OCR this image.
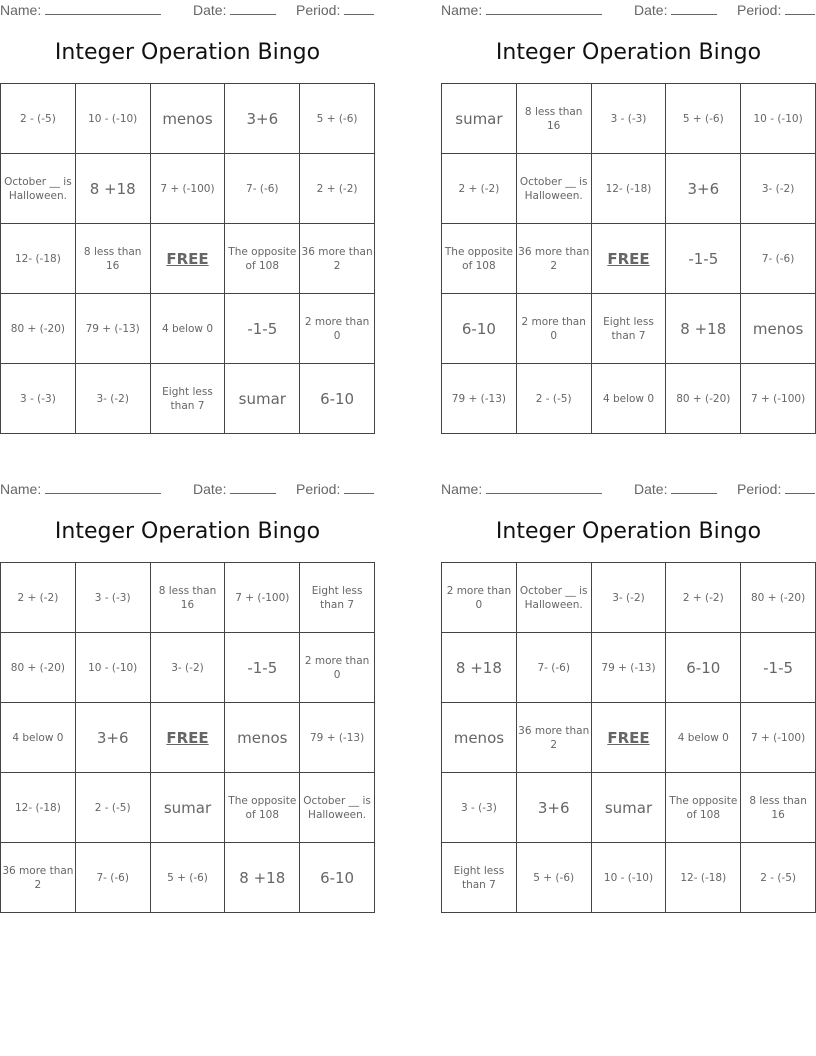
Name:	Date:	Period:
Integer Operation Bingo
2 - (-5)	10 - (-10)	menos	3+6	5 + (-6)
October __ is Halloween.	8 +18	7 + (-100)	7- (-6)	2 + (-2)
12- (-18)	8 less than 16	FREE	The opposite of 108	36 more than 2
80 + (-20)	79 + (-13)	4 below 0	-1-5	2 more than 0
3 - (-3)	3- (-2)	Eight less than 7	sumar	6-10
Name:	Date:	Period:
Integer Operation Bingo
sumar	8 less than 16	3 - (-3)	5 + (-6)	10 - (-10)
2 + (-2)	October __ is Halloween.	12- (-18)	3+6	3- (-2)
The opposite of 108	36 more than 2	FREE	-1-5	7- (-6)
6-10	2 more than 0	Eight less than 7	8 +18	menos
79 + (-13)	2 - (-5)	4 below 0	80 + (-20)	7 + (-100)
Name:	Date:	Period:
Integer Operation Bingo
2 + (-2)	3 - (-3)	8 less than 16	7 + (-100)	Eight less than 7
80 + (-20)	10 - (-10)	3- (-2)	-1-5	2 more than 0
4 below 0	3+6	FREE	menos	79 + (-13)
12- (-18)	2 - (-5)	sumar	The opposite of 108	October __ is Halloween.
36 more than 2	7- (-6)	5 + (-6)	8 +18	6-10
Name:	Date:	Period:
Integer Operation Bingo
2 more than 0	October __ is Halloween.	3- (-2)	2 + (-2)	80 + (-20)
8 +18	7- (-6)	79 + (-13)	6-10	-1-5
menos	36 more than 2	FREE	4 below 0	7 + (-100)
3 - (-3)	3+6	sumar	The opposite of 108	8 less than 16
Eight less than 7	5 + (-6)	10 - (-10)	12- (-18)	2 - (-5)
